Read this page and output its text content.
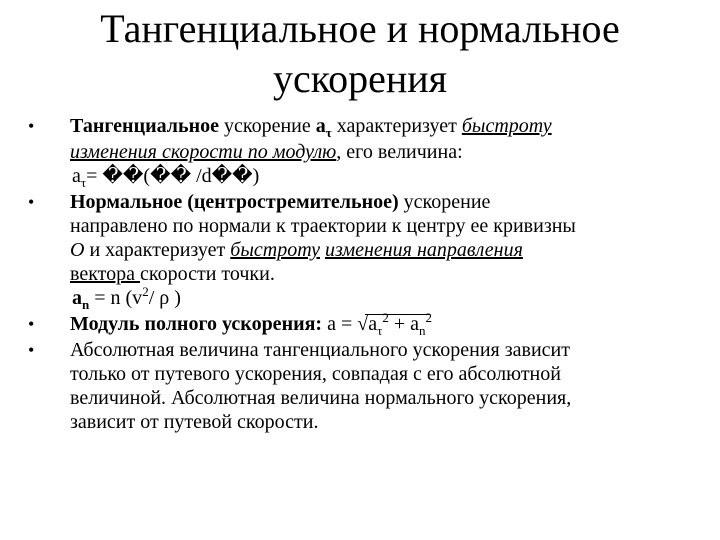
Тангенциальное и нормальное
ускорения
•	Тангенциальное ускорение $a_\tau$ характеризует быстроту
изменения скорости по модулю, его величина:
$a_\tau=$ ��(�� /d��)
•	Нормальное (центростремительное) ускорение
направлено по нормали к траектории к центру ее кривизны
O и характеризует быстроту изменения направления
вектора скорости точки.
$a_n = n$ ($v^2/$ ρ )
•	Модуль полного ускорения: a =
$√a_\tau^2 + a_n^2$
•	Абсолютная величина тангенциального ускорения зависит
только от путевого ускорения, совпадая с его абсолютной
величиной. Абсолютная величина нормального ускорения,
зависит от путевой скорости.
